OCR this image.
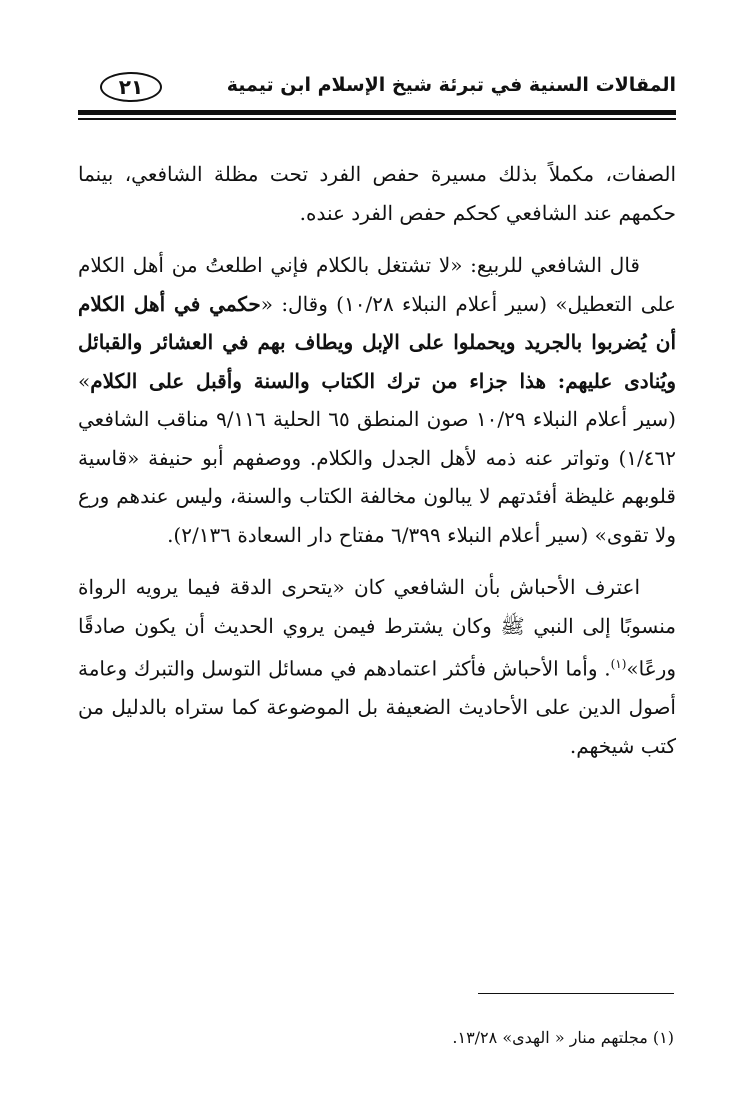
المقالات السنية في تبرئة شيخ الإسلام ابن تيمية
٢١

الصفات، مكملاً بذلك مسيرة حفص الفرد تحت مظلة الشافعي، بينما حكمهم عند الشافعي كحكم حفص الفرد عنده.

قال الشافعي للربيع: «لا تشتغل بالكلام فإني اطلعتُ من أهل الكلام على التعطيل» (سير أعلام النبلاء ١٠/٢٨) وقال: «حكمي في أهل الكلام أن يُضربوا بالجريد ويحملوا على الإبل ويطاف بهم في العشائر والقبائل ويُنادى عليهم: هذا جزاء من ترك الكتاب والسنة وأقبل على الكلام» (سير أعلام النبلاء ١٠/٢٩ صون المنطق ٦٥ الحلية ٩/١١٦ مناقب الشافعي ١/٤٦٢) وتواتر عنه ذمه لأهل الجدل والكلام. ووصفهم أبو حنيفة «قاسية قلوبهم غليظة أفئدتهم لا يبالون مخالفة الكتاب والسنة، وليس عندهم ورع ولا تقوى» (سير أعلام النبلاء ٦/٣٩٩ مفتاح دار السعادة ٢/١٣٦).

اعترف الأحباش بأن الشافعي كان «يتحرى الدقة فيما يرويه الرواة منسوبًا إلى النبي ﷺ وكان يشترط فيمن يروي الحديث أن يكون صادقًا ورعًا»$^{(١)}$. وأما الأحباش فأكثر اعتمادهم في مسائل التوسل والتبرك وعامة أصول الدين على الأحاديث الضعيفة بل الموضوعة كما ستراه بالدليل من كتب شيخهم.

(١) مجلتهم منار « الهدى» ١٣/٢٨.
